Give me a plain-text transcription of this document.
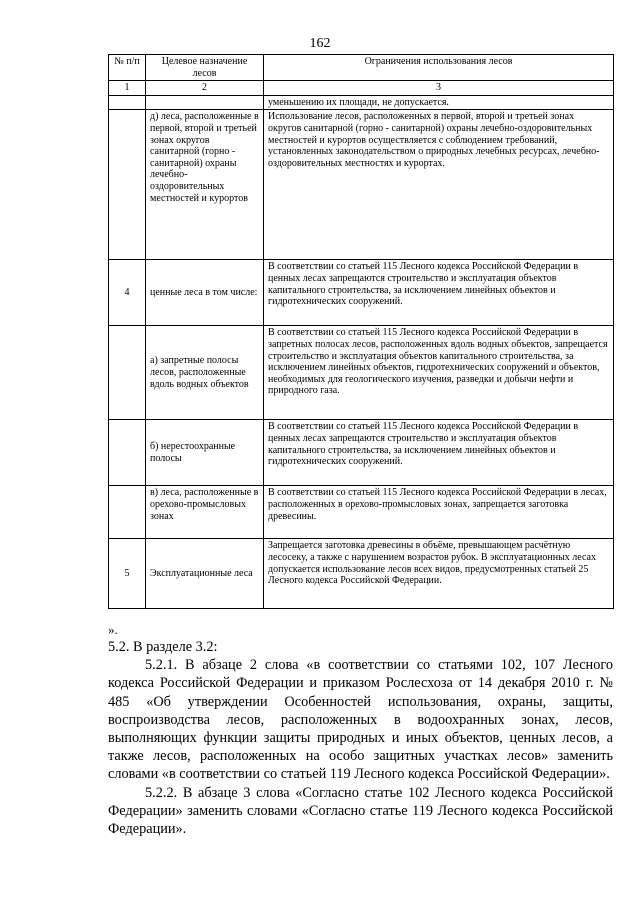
162
№ п/п	Целевое назначение лесов	Ограничения использования лесов
1	2	3
		уменьшению их площади, не допускается.
	д) леса, расположенные в первой, второй и третьей зонах округов санитарной (горно - санитарной) охраны лечебно-оздоровительных местностей и курортов	Использование лесов, расположенных в первой, второй и третьей зонах округов санитарной (горно - санитарной) охраны лечебно-оздоровительных местностей и курортов осуществляется с соблюдением требований, установленных законодательством о природных лечебных ресурсах, лечебно-оздоровительных местностях и курортах.
4	ценные леса в том числе:	В соответствии со статьей 115 Лесного кодекса Российской Федерации в ценных лесах запрещаются строительство и эксплуатация объектов капитального строительства, за исключением линейных объектов и гидротехнических сооружений.
	а) запретные полосы лесов, расположенные вдоль водных объектов	В соответствии со статьей 115 Лесного кодекса Российской Федерации в запретных полосах лесов, расположенных вдоль водных объектов, запрещается строительство и эксплуатация объектов капитального строительства, за исключением линейных объектов, гидротехнических сооружений и объектов, необходимых для геологического изучения, разведки и добычи нефти и природного газа.
	б) нерестоохранные полосы	В соответствии со статьей 115 Лесного кодекса Российской Федерации в ценных лесах запрещаются строительство и эксплуатация объектов капитального строительства, за исключением линейных объектов и гидротехнических сооружений.
	в) леса, расположенные в орехово-промысловых зонах	В соответствии со статьей 115 Лесного кодекса Российской Федерации в лесах, расположенных в орехово-промысловых зонах, запрещается заготовка древесины.
5	Эксплуатационные леса	Запрещается заготовка древесины в объёме, превышающем расчётную лесосеку, а также с нарушением возрастов рубок. В эксплуатационных лесах допускается использование лесов всех видов, предусмотренных статьей 25 Лесного кодекса Российской Федерации.
».

5.2. В разделе 3.2:

5.2.1. В абзаце 2 слова «в соответствии со статьями 102, 107 Лесного кодекса Российской Федерации и приказом Рослесхоза от 14 декабря 2010 г. № 485 «Об утверждении Особенностей использования, охраны, защиты, воспроизводства лесов, расположенных в водоохранных зонах, лесов, выполняющих функции защиты природных и иных объектов, ценных лесов, а также лесов, расположенных на особо защитных участках лесов» заменить словами «в соответствии со статьей 119 Лесного кодекса Российской Федерации».

5.2.2. В абзаце 3 слова «Согласно статье 102 Лесного кодекса Российской Федерации» заменить словами «Согласно статье 119 Лесного кодекса Российской Федерации».
